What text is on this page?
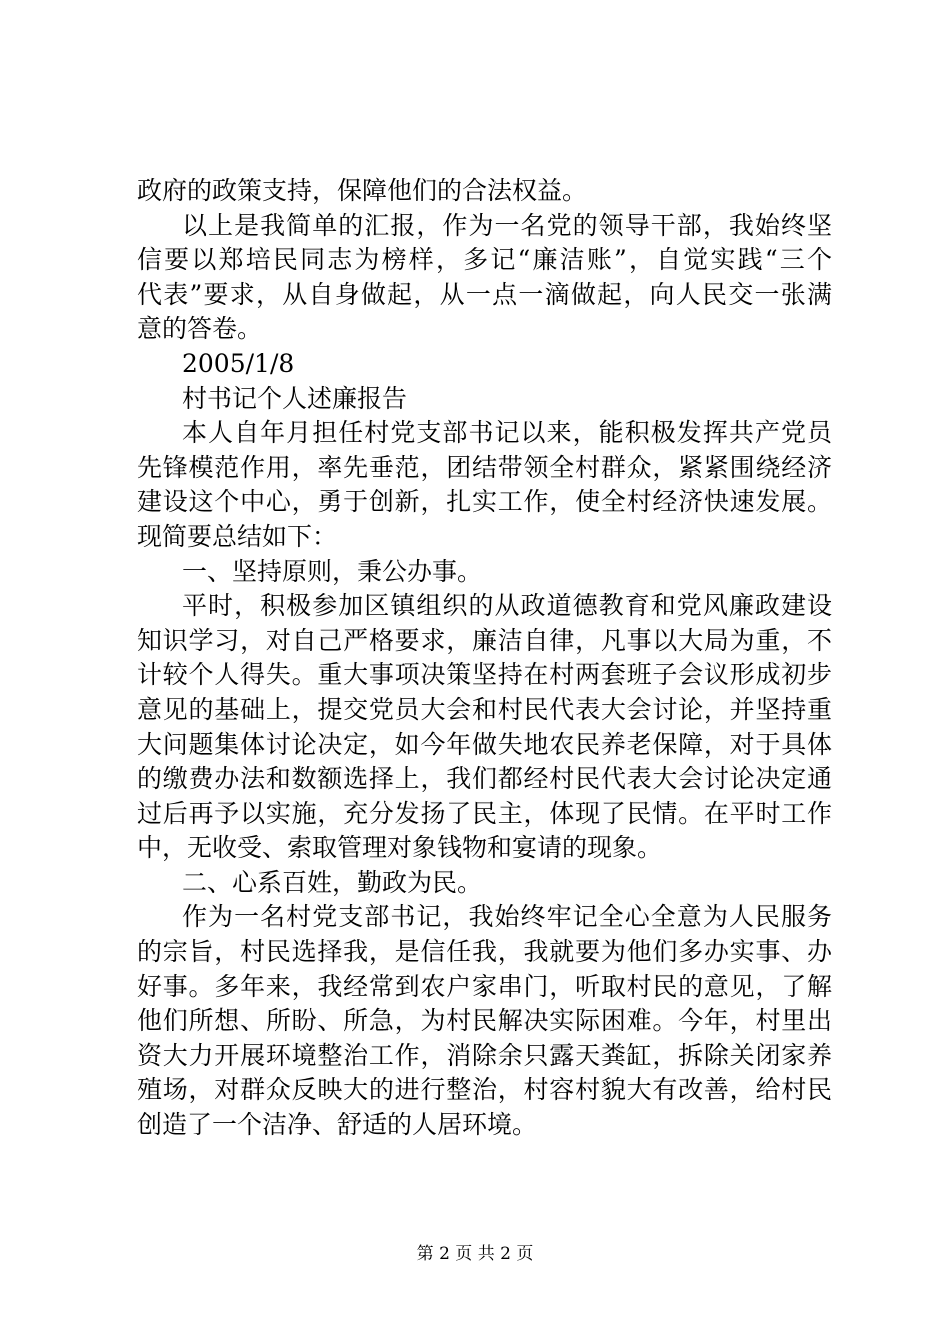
政府的政策支持，保障他们的合法权益。
以上是我简单的汇报，作为一名党的领导干部，我始终坚
信要以郑培民同志为榜样，多记“廉洁账”，自觉实践“三个
代表”要求，从自身做起，从一点一滴做起，向人民交一张满
意的答卷。
2005/1/8
村书记个人述廉报告
本人自年月担任村党支部书记以来，能积极发挥共产党员
先锋模范作用，率先垂范，团结带领全村群众，紧紧围绕经济
建设这个中心，勇于创新，扎实工作，使全村经济快速发展。
现简要总结如下：
一、坚持原则，秉公办事。
平时，积极参加区镇组织的从政道德教育和党风廉政建设
知识学习，对自己严格要求，廉洁自律，凡事以大局为重，不
计较个人得失。重大事项决策坚持在村两套班子会议形成初步
意见的基础上，提交党员大会和村民代表大会讨论，并坚持重
大问题集体讨论决定，如今年做失地农民养老保障，对于具体
的缴费办法和数额选择上，我们都经村民代表大会讨论决定通
过后再予以实施，充分发扬了民主，体现了民情。在平时工作
中，无收受、索取管理对象钱物和宴请的现象。
二、心系百姓，勤政为民。
作为一名村党支部书记，我始终牢记全心全意为人民服务
的宗旨，村民选择我，是信任我，我就要为他们多办实事、办
好事。多年来，我经常到农户家串门，听取村民的意见，了解
他们所想、所盼、所急，为村民解决实际困难。今年，村里出
资大力开展环境整治工作，消除余只露天粪缸，拆除关闭家养
殖场，对群众反映大的进行整治，村容村貌大有改善，给村民
创造了一个洁净、舒适的人居环境。
第 2 页 共 2 页
